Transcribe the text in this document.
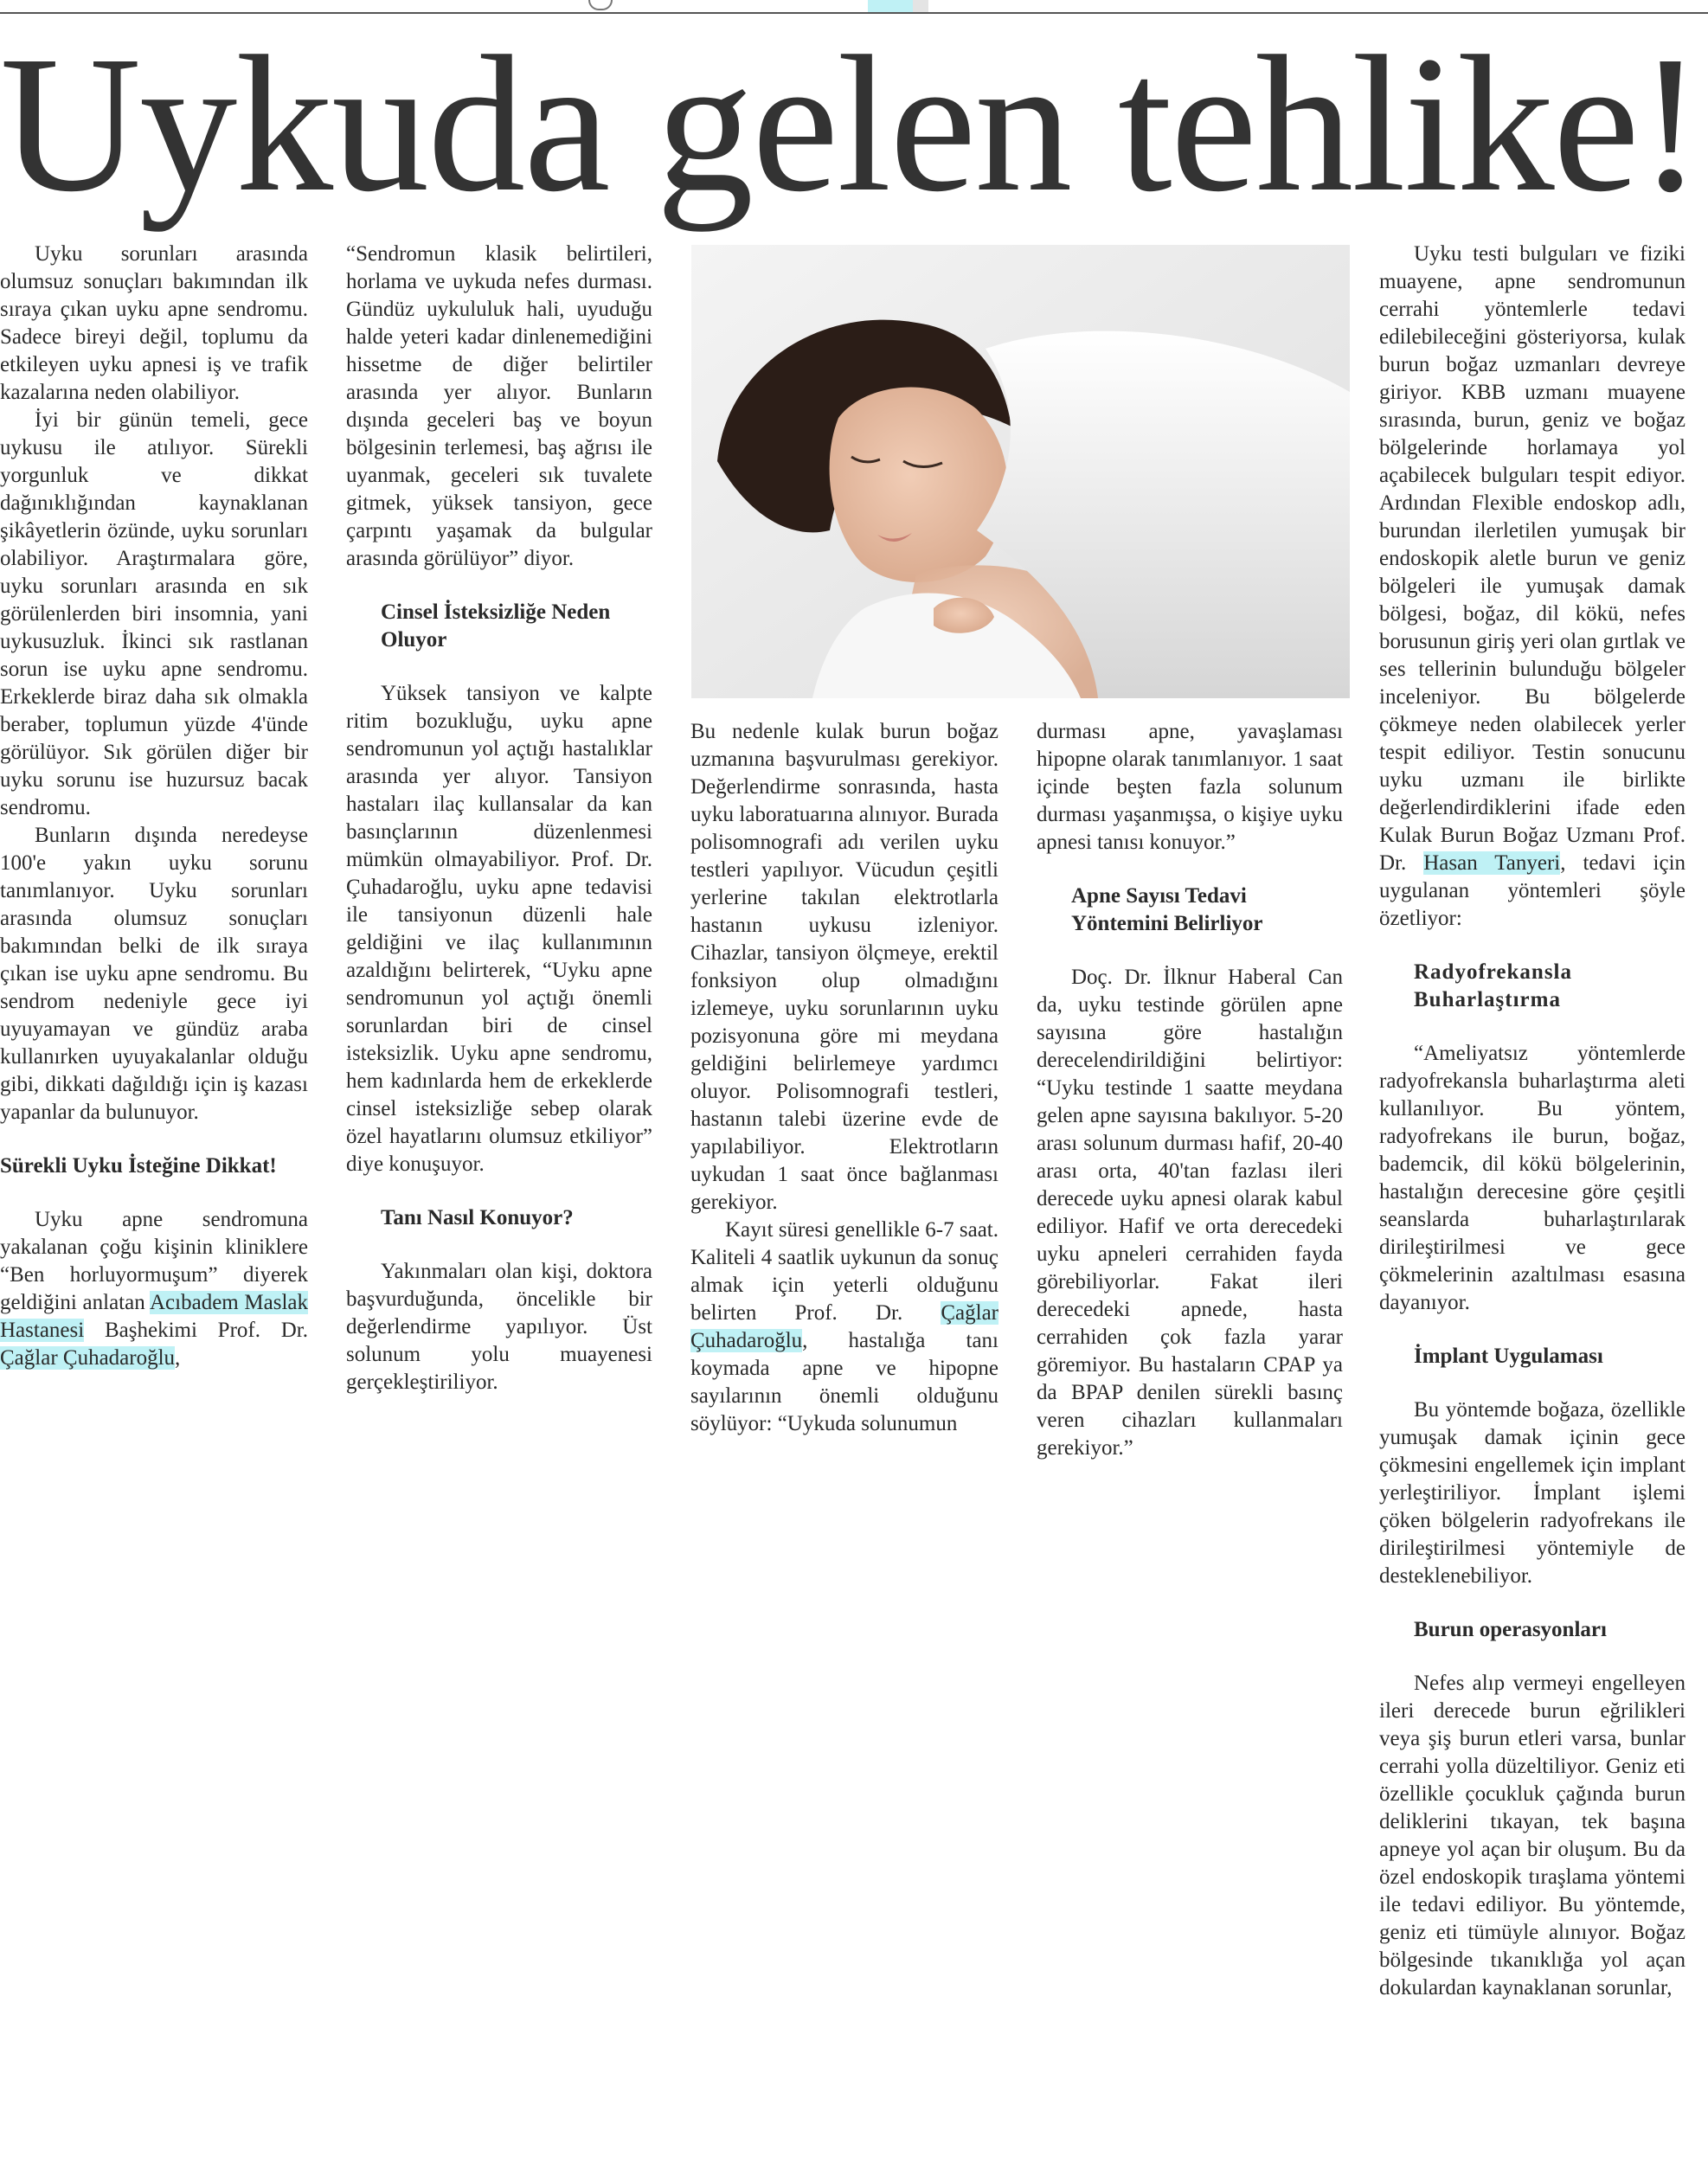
Uykuda gelen tehlike!

Uyku sorunları arasında olumsuz sonuçları bakımından ilk sıraya çıkan uyku apne sendromu. Sadece bireyi değil, toplumu da etkileyen uyku apnesi iş ve trafik kazalarına neden olabiliyor.

İyi bir günün temeli, gece uykusu ile atılıyor. Sürekli yorgunluk ve dikkat dağınıklığından kaynaklanan şikâyetlerin özünde, uyku sorunları olabiliyor. Araştırmalara göre, uyku sorunları arasında en sık görülenlerden biri insomnia, yani uykusuzluk. İkinci sık rastlanan sorun ise uyku apne sendromu. Erkeklerde biraz daha sık olmakla beraber, toplumun yüzde 4'ünde görülüyor. Sık görülen diğer bir uyku sorunu ise huzursuz bacak sendromu.

Bunların dışında neredeyse 100'e yakın uyku sorunu tanımlanıyor. Uyku sorunları arasında olumsuz sonuçları bakımından belki de ilk sıraya çıkan ise uyku apne sendromu. Bu sendrom nedeniyle gece iyi uyuyamayan ve gündüz araba kullanırken uyuyakalanlar olduğu gibi, dikkati dağıldığı için iş kazası yapanlar da bulunuyor.

Sürekli Uyku İsteğine Dikkat!

Uyku apne sendromuna yakalanan çoğu kişinin kliniklere “Ben horluyormuşum” diyerek geldiğini anlatan Acıbadem Maslak Hastanesi Başhekimi Prof. Dr. Çağlar Çuhadaroğlu,

“Sendromun klasik belirtileri, horlama ve uykuda nefes durması. Gündüz uykululuk hali, uyuduğu halde yeteri kadar dinlenemediğini hissetme de diğer belirtiler arasında yer alıyor. Bunların dışında geceleri baş ve boyun bölgesinin terlemesi, baş ağrısı ile uyanmak, geceleri sık tuvalete gitmek, yüksek tansiyon, gece çarpıntı yaşamak da bulgular arasında görülüyor” diyor.

Cinsel İsteksizliğe Neden Oluyor

Yüksek tansiyon ve kalpte ritim bozukluğu, uyku apne sendromunun yol açtığı hastalıklar arasında yer alıyor. Tansiyon hastaları ilaç kullansalar da kan basınçlarının düzenlenmesi mümkün olmayabiliyor. Prof. Dr. Çuhadaroğlu, uyku apne tedavisi ile tansiyonun düzenli hale geldiğini ve ilaç kullanımının azaldığını belirterek, “Uyku apne sendromunun yol açtığı önemli sorunlardan biri de cinsel isteksizlik. Uyku apne sendromu, hem kadınlarda hem de erkeklerde cinsel isteksizliğe sebep olarak özel hayatlarını olumsuz etkiliyor” diye konuşuyor.

Tanı Nasıl Konuyor?

Yakınmaları olan kişi, doktora başvurduğunda, öncelikle bir değerlendirme yapılıyor. Üst solunum yolu muayenesi gerçekleştiriliyor.

Bu nedenle kulak burun boğaz uzmanına başvurulması gerekiyor. Değerlendirme sonrasında, hasta uyku laboratuarına alınıyor. Burada polisomnografi adı verilen uyku testleri yapılıyor. Vücudun çeşitli yerlerine takılan elektrotlarla hastanın uykusu izleniyor. Cihazlar, tansiyon ölçmeye, erektil fonksiyon olup olmadığını izlemeye, uyku sorunlarının uyku pozisyonuna göre mi meydana geldiğini belirlemeye yardımcı oluyor. Polisomnografi testleri, hastanın talebi üzerine evde de yapılabiliyor. Elektrotların uykudan 1 saat önce bağlanması gerekiyor.

Kayıt süresi genellikle 6-7 saat. Kaliteli 4 saatlik uykunun da sonuç almak için yeterli olduğunu belirten Prof. Dr. Çağlar Çuhadaroğlu, hastalığa tanı koymada apne ve hipopne sayılarının önemli olduğunu söylüyor: “Uykuda solunumun

durması apne, yavaşlaması hipopne olarak tanımlanıyor. 1 saat içinde beşten fazla solunum durması yaşanmışsa, o kişiye uyku apnesi tanısı konuyor.”

Apne Sayısı Tedavi Yöntemini Belirliyor

Doç. Dr. İlknur Haberal Can da, uyku testinde görülen apne sayısına göre hastalığın derecelendirildiğini belirtiyor: “Uyku testinde 1 saatte meydana gelen apne sayısına bakılıyor. 5-20 arası solunum durması hafif, 20-40 arası orta, 40'tan fazlası ileri derecede uyku apnesi olarak kabul ediliyor. Hafif ve orta derecedeki uyku apneleri cerrahiden fayda görebiliyorlar. Fakat ileri derecedeki apnede, hasta cerrahiden çok fazla yarar göremiyor. Bu hastaların CPAP ya da BPAP denilen sürekli basınç veren cihazları kullanmaları gerekiyor.”

Uyku testi bulguları ve fiziki muayene, apne sendromunun cerrahi yöntemlerle tedavi edilebileceğini gösteriyorsa, kulak burun boğaz uzmanları devreye giriyor. KBB uzmanı muayene sırasında, burun, geniz ve boğaz bölgelerinde horlamaya yol açabilecek bulguları tespit ediyor. Ardından Flexible endoskop adlı, burundan ilerletilen yumuşak bir endoskopik aletle burun ve geniz bölgeleri ile yumuşak damak bölgesi, boğaz, dil kökü, nefes borusunun giriş yeri olan gırtlak ve ses tellerinin bulunduğu bölgeler inceleniyor. Bu bölgelerde çökmeye neden olabilecek yerler tespit ediliyor. Testin sonucunu uyku uzmanı ile birlikte değerlendirdiklerini ifade eden Kulak Burun Boğaz Uzmanı Prof. Dr. Hasan Tanyeri, tedavi için uygulanan yöntemleri şöyle özetliyor:

Radyofrekansla Buharlaştırma

“Ameliyatsız yöntemlerde radyofrekansla buharlaştırma aleti kullanılıyor. Bu yöntem, radyofrekans ile burun, boğaz, bademcik, dil kökü bölgelerinin, hastalığın derecesine göre çeşitli seanslarda buharlaştırılarak dirileştirilmesi ve gece çökmelerinin azaltılması esasına dayanıyor.

İmplant Uygulaması

Bu yöntemde boğaza, özellikle yumuşak damak içinin gece çökmesini engellemek için implant yerleştiriliyor. İmplant işlemi çöken bölgelerin radyofrekans ile dirileştirilmesi yöntemiyle de desteklenebiliyor.

Burun operasyonları

Nefes alıp vermeyi engelleyen ileri derecede burun eğrilikleri veya şiş burun etleri varsa, bunlar cerrahi yolla düzeltiliyor. Geniz eti özellikle çocukluk çağında burun deliklerini tıkayan, tek başına apneye yol açan bir oluşum. Bu da özel endoskopik tıraşlama yöntemi ile tedavi ediliyor. Bu yöntemde, geniz eti tümüyle alınıyor. Boğaz bölgesinde tıkanıklığa yol açan dokulardan kaynaklanan sorunlar,
